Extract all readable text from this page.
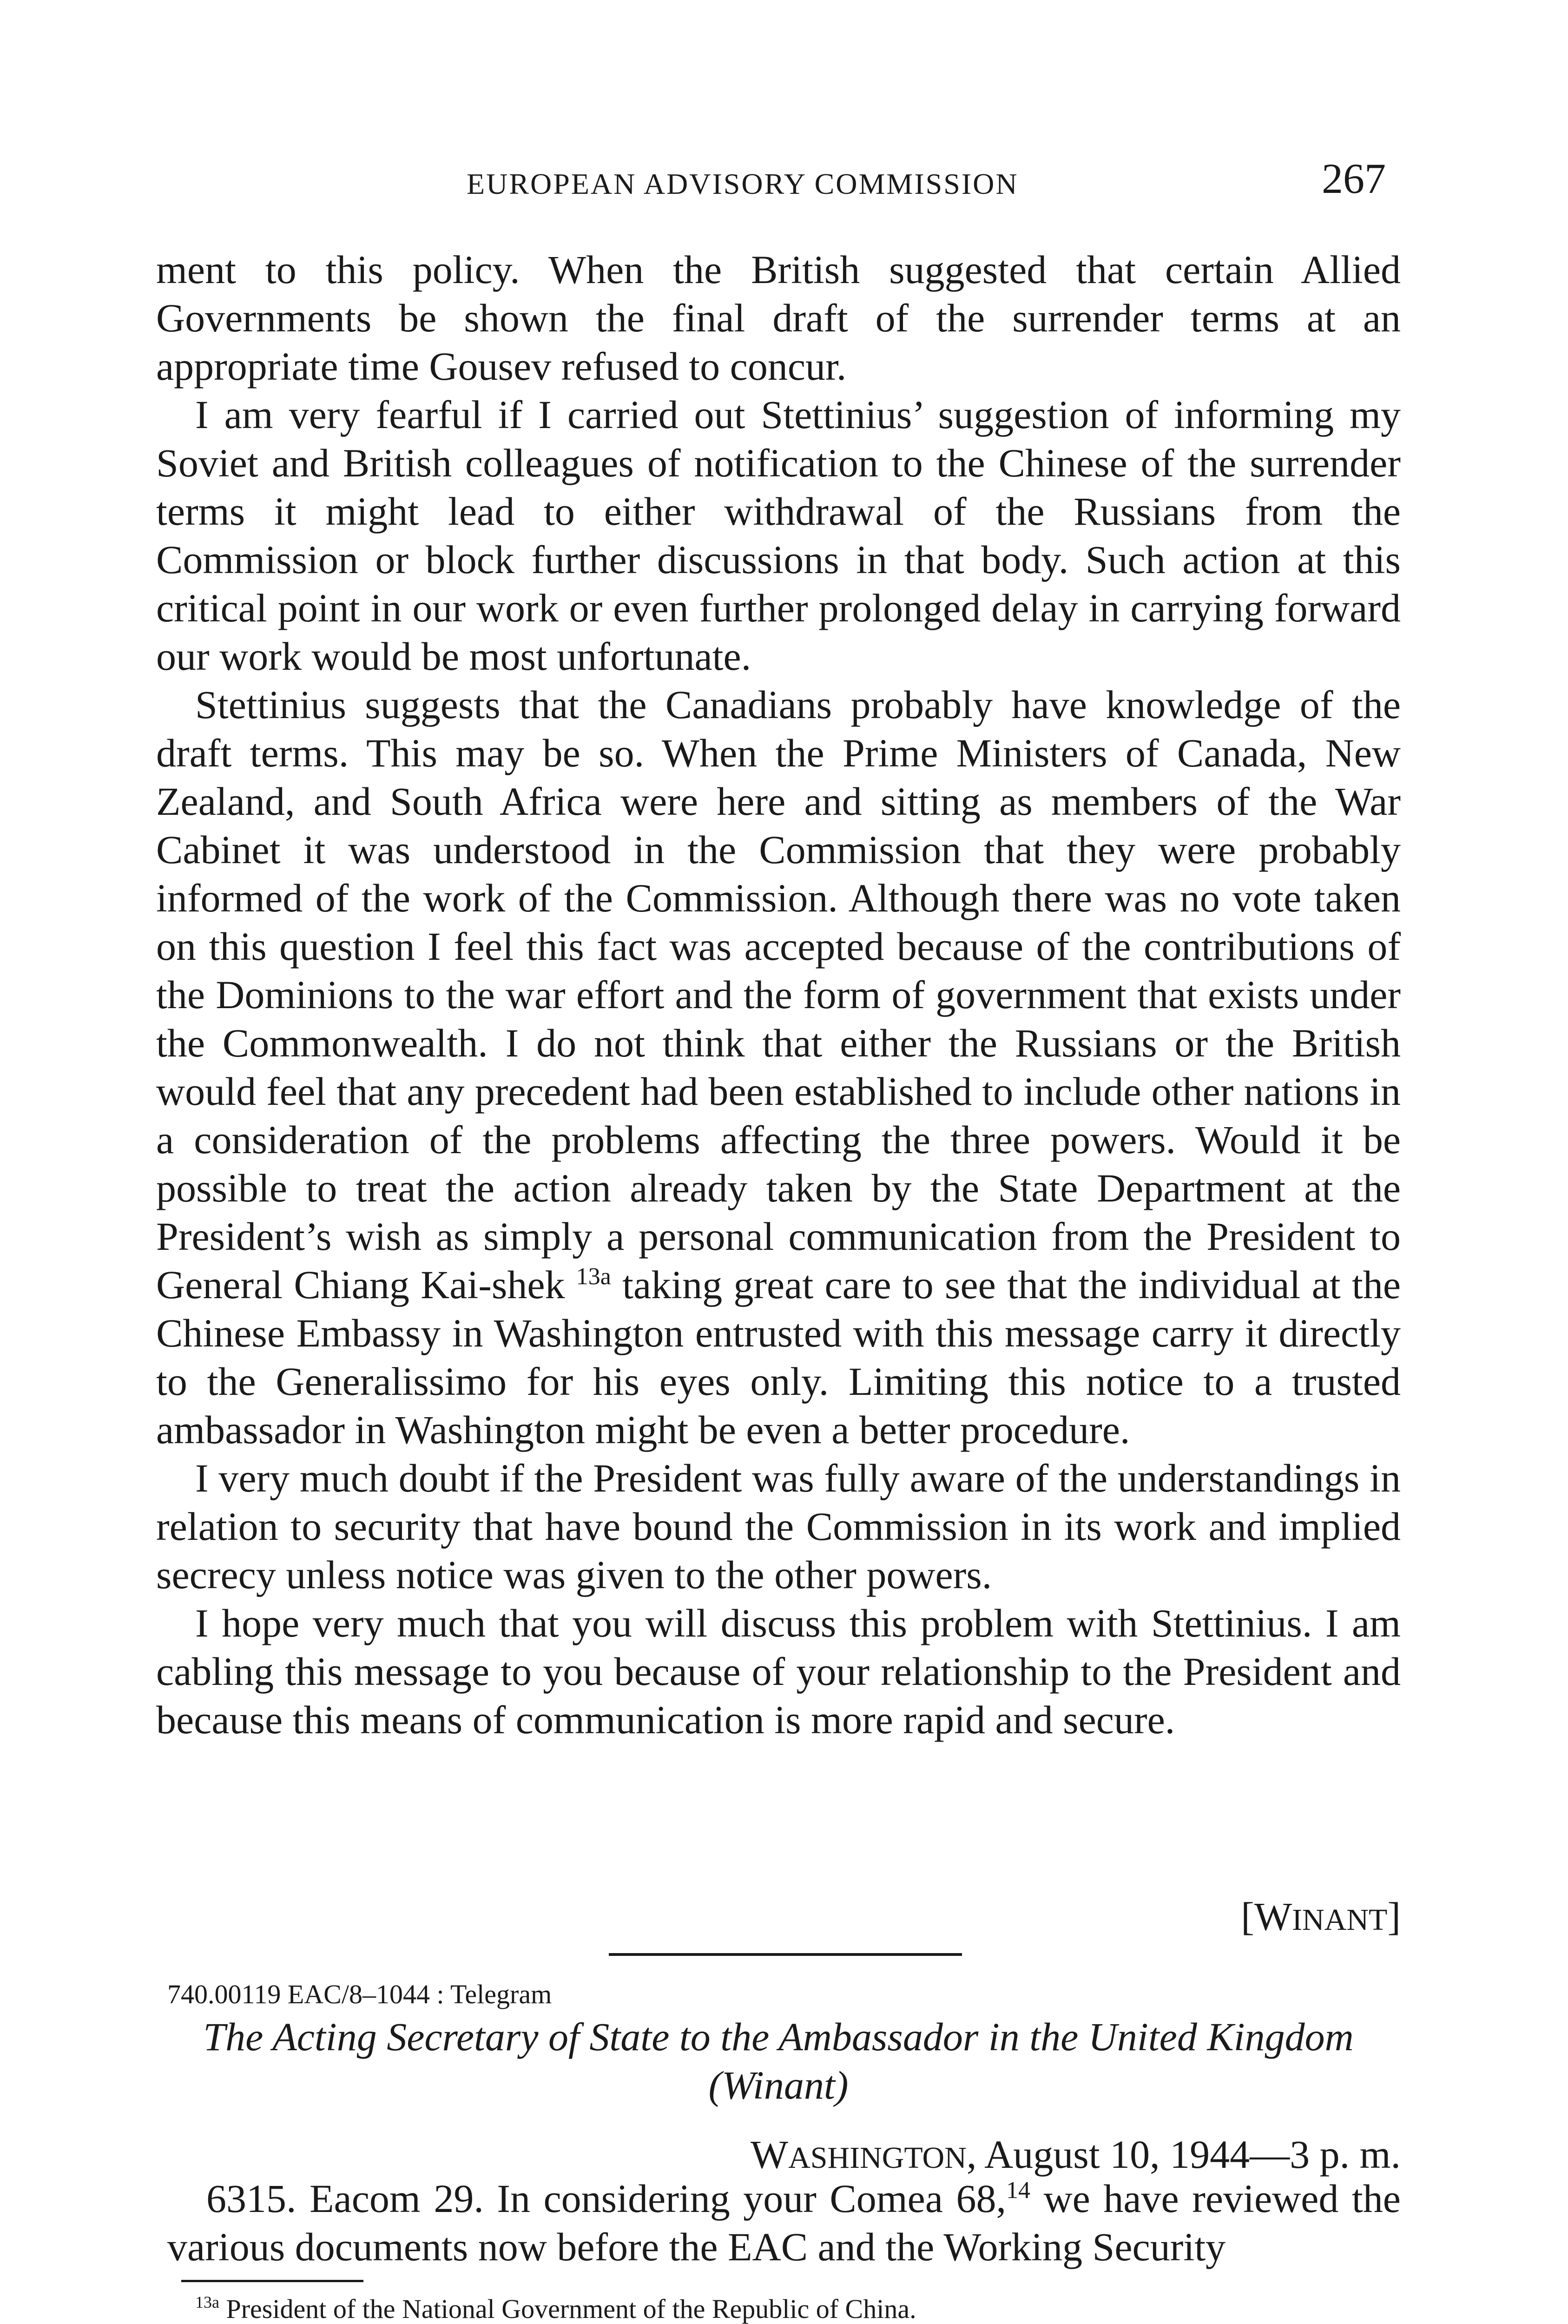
EUROPEAN ADVISORY COMMISSION	267

ment to this policy. When the British suggested that certain Allied Governments be shown the final draft of the surrender terms at an appropriate time Gousev refused to concur.

I am very fearful if I carried out Stettinius’ suggestion of informing my Soviet and British colleagues of notification to the Chinese of the surrender terms it might lead to either withdrawal of the Russians from the Commission or block further discussions in that body. Such action at this critical point in our work or even further prolonged delay in carrying forward our work would be most unfortunate.

Stettinius suggests that the Canadians probably have knowledge of the draft terms. This may be so. When the Prime Ministers of Canada, New Zealand, and South Africa were here and sitting as members of the War Cabinet it was understood in the Commission that they were probably informed of the work of the Commission. Although there was no vote taken on this question I feel this fact was accepted because of the contributions of the Dominions to the war effort and the form of government that exists under the Commonwealth. I do not think that either the Russians or the British would feel that any precedent had been established to include other nations in a consideration of the problems affecting the three powers. Would it be possible to treat the action already taken by the State Department at the President’s wish as simply a personal communication from the President to General Chiang Kai-shek $^{13a}$ taking great care to see that the individual at the Chinese Embassy in Washington entrusted with this message carry it directly to the Generalissimo for his eyes only. Limiting this notice to a trusted ambassador in Washington might be even a better procedure.

I very much doubt if the President was fully aware of the understandings in relation to security that have bound the Commission in its work and implied secrecy unless notice was given to the other powers.

I hope very much that you will discuss this problem with Stettinius. I am cabling this message to you because of your relationship to the President and because this means of communication is more rapid and secure.

[WINANT]
740.00119 EAC/8–1044 : Telegram
The Acting Secretary of State to the Ambassador in the United Kingdom (Winant)
WASHINGTON, August 10, 1944—3 p. m.

6315. Eacom 29. In considering your Comea 68,14 we have reviewed the various documents now before the EAC and the Working Security

$^{13a}$ President of the National Government of the Republic of China.
